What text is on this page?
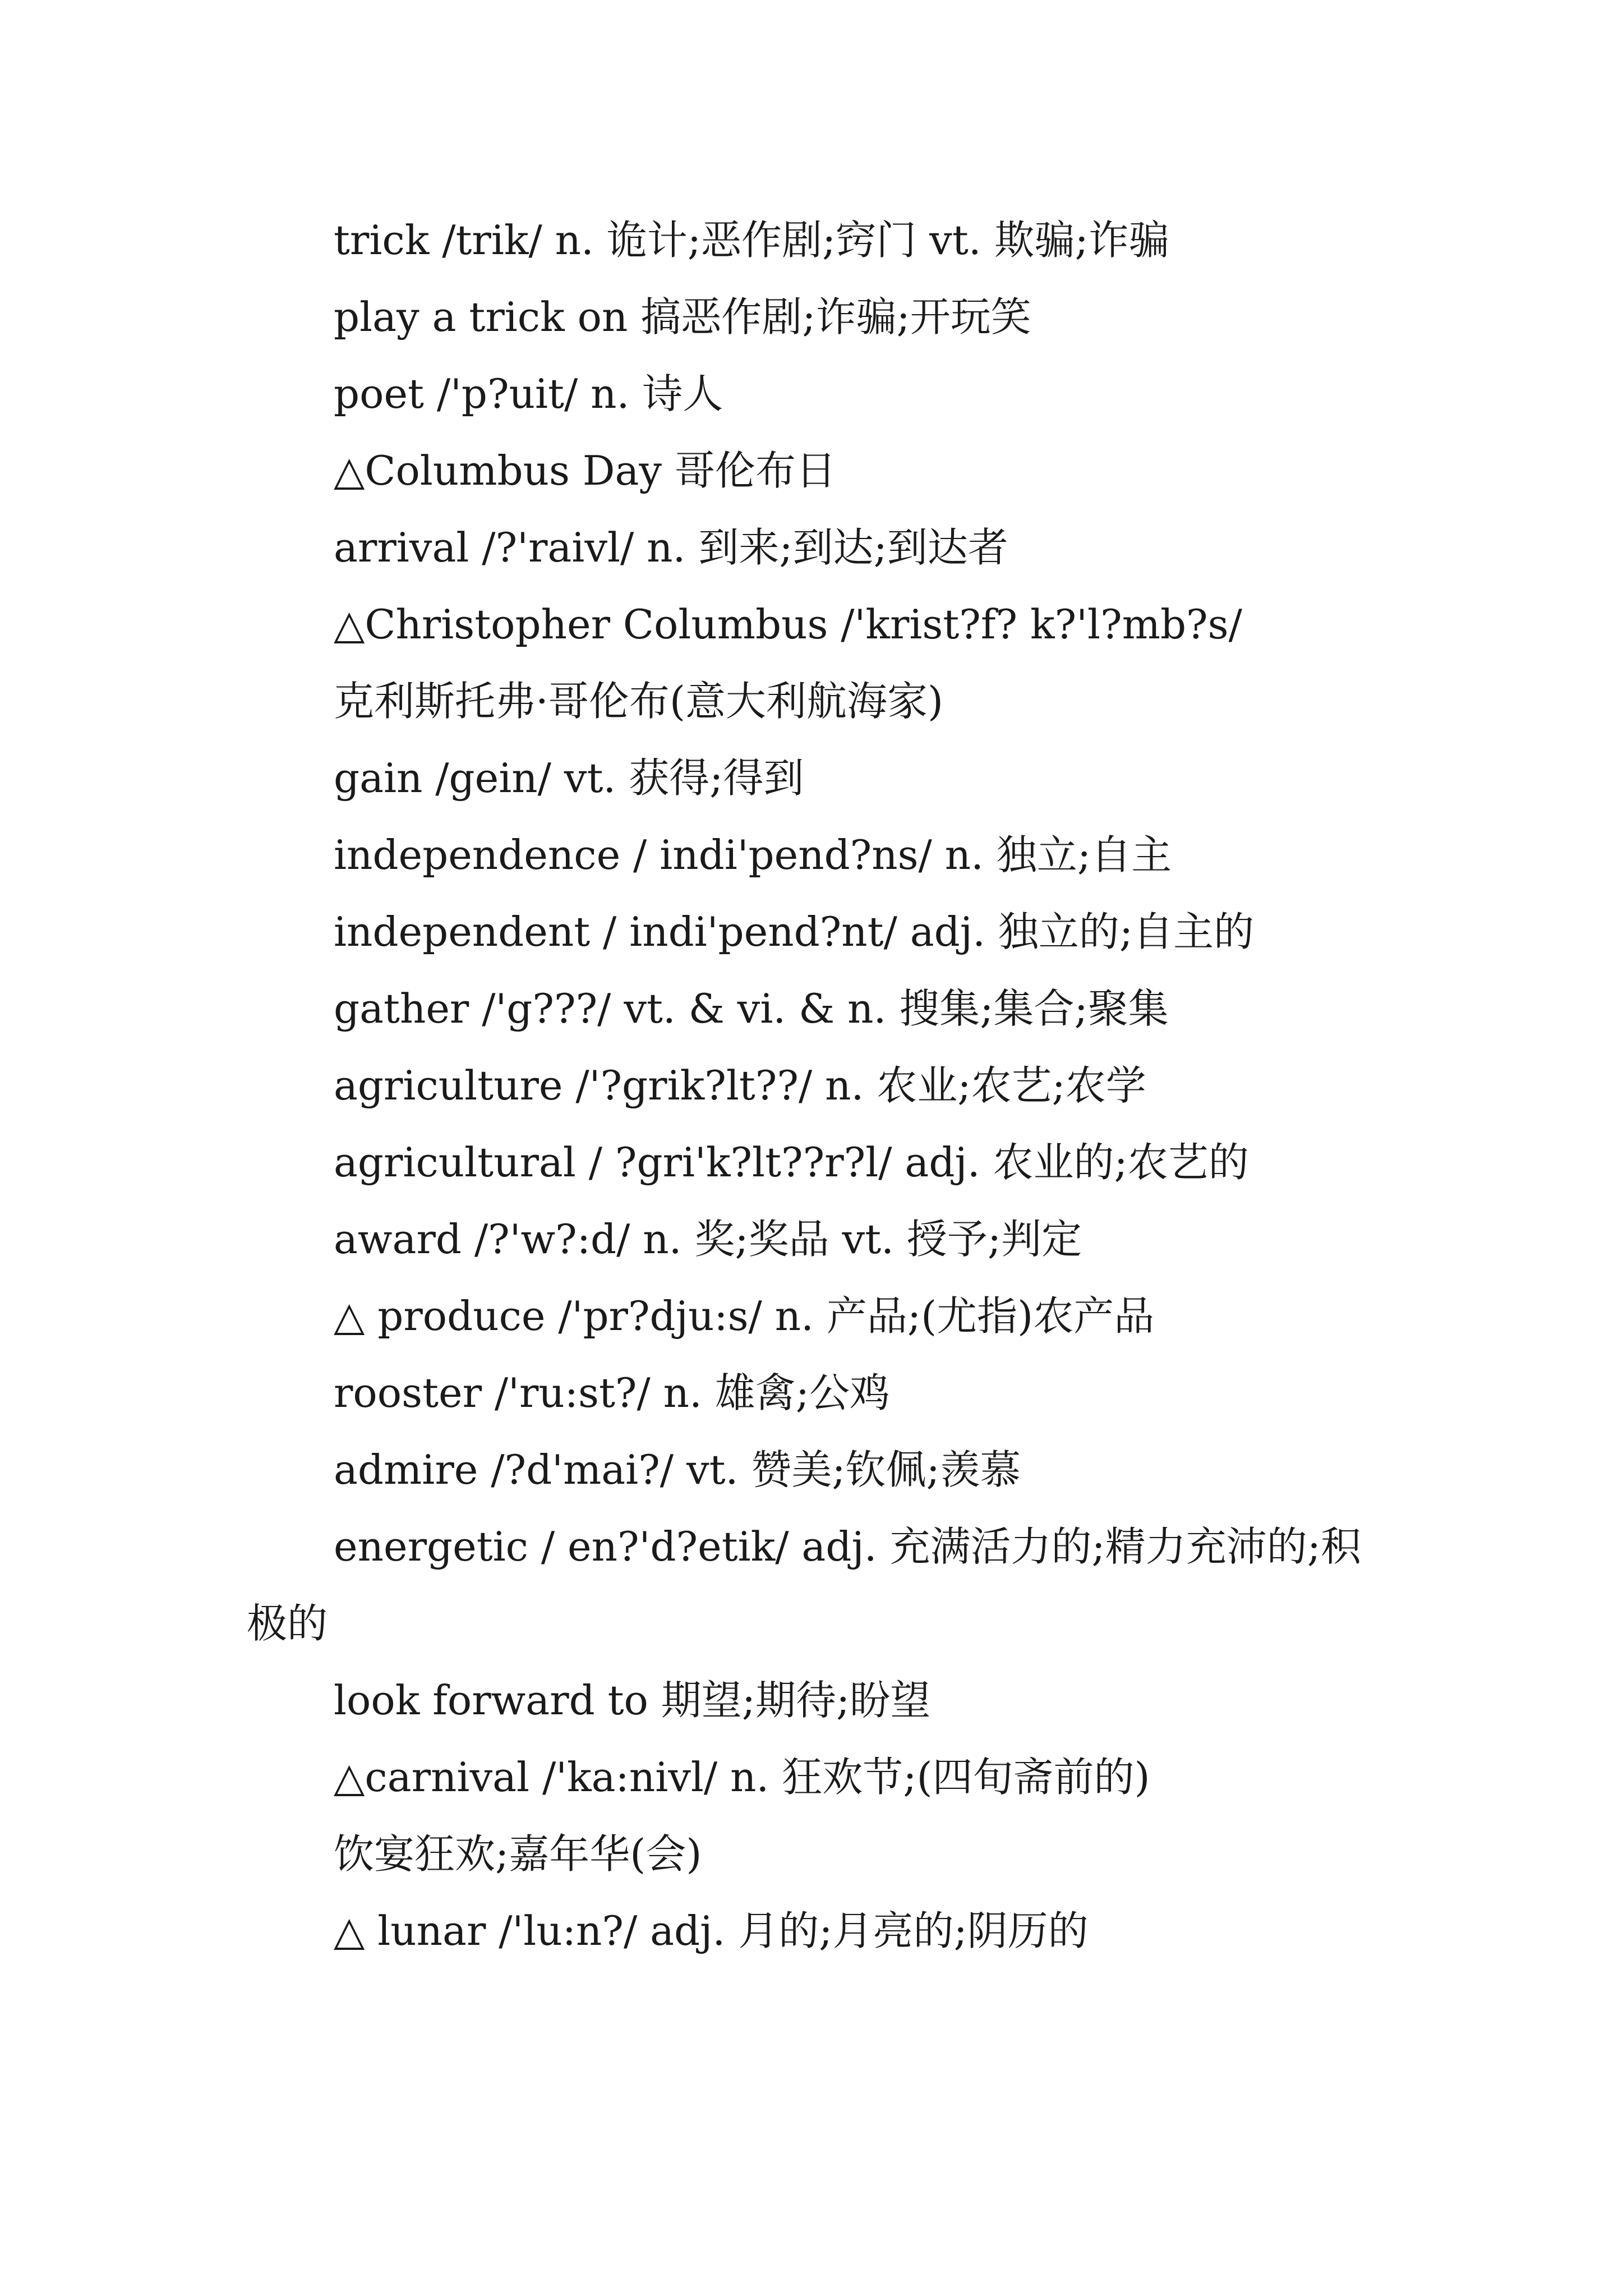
trick /trik/ n. 诡计;恶作剧;窍门 vt. 欺骗;诈骗

play a trick on 搞恶作剧;诈骗;开玩笑

poet /'p?uit/ n. 诗人

△Columbus Day 哥伦布日

arrival /?'raivl/ n. 到来;到达;到达者

△Christopher Columbus /'krist?f? k?'l?mb?s/

克利斯托弗·哥伦布(意大利航海家)

gain /gein/ vt. 获得;得到

independence / indi'pend?ns/ n. 独立;自主

independent / indi'pend?nt/ adj. 独立的;自主的

gather /'g???/ vt. & vi. & n. 搜集;集合;聚集

agriculture /'?grik?lt??/ n. 农业;农艺;农学

agricultural / ?gri'k?lt??r?l/ adj. 农业的;农艺的

award /?'w?:d/ n. 奖;奖品 vt. 授予;判定

△ produce /'pr?dju:s/ n. 产品;(尤指)农产品

rooster /'ru:st?/ n. 雄禽;公鸡

admire /?d'mai?/ vt. 赞美;钦佩;羡慕

energetic / en?'d?etik/ adj. 充满活力的;精力充沛的;积极的

look forward to 期望;期待;盼望

△carnival /'ka:nivl/ n. 狂欢节;(四旬斋前的)

饮宴狂欢;嘉年华(会)

△ lunar /'lu:n?/ adj. 月的;月亮的;阴历的
